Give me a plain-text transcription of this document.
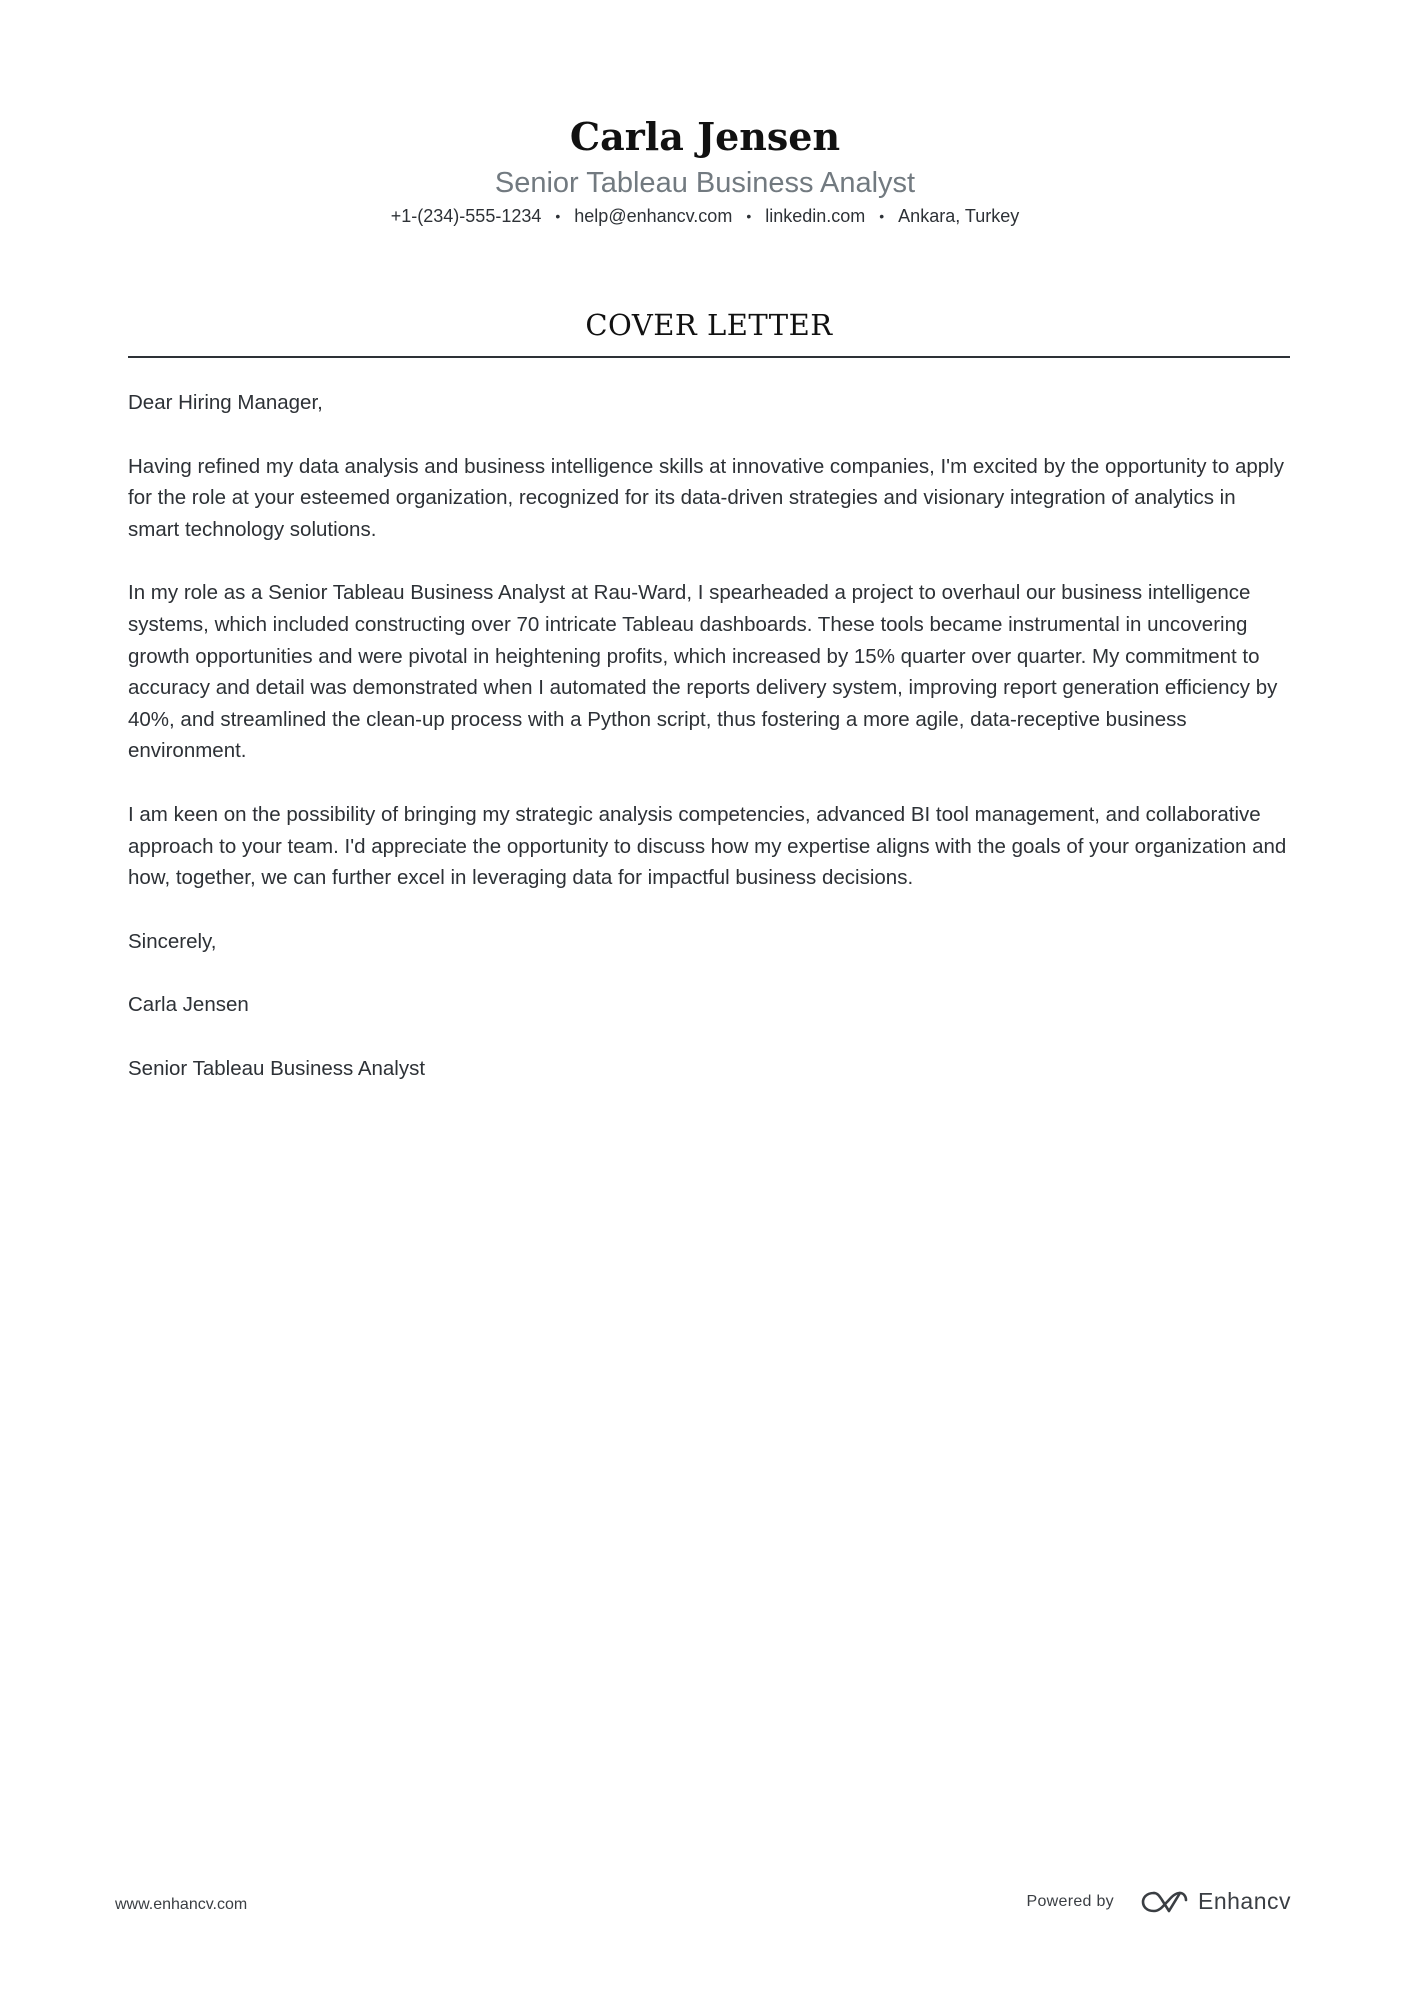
Carla Jensen
Senior Tableau Business Analyst
+1-(234)-555-1234 • help@enhancv.com • linkedin.com • Ankara, Turkey
COVER LETTER

Dear Hiring Manager,

Having refined my data analysis and business intelligence skills at innovative companies, I'm excited by the opportunity to apply for the role at your esteemed organization, recognized for its data-driven strategies and visionary integration of analytics in smart technology solutions.

In my role as a Senior Tableau Business Analyst at Rau-Ward, I spearheaded a project to overhaul our business intelligence systems, which included constructing over 70 intricate Tableau dashboards. These tools became instrumental in uncovering growth opportunities and were pivotal in heightening profits, which increased by 15% quarter over quarter. My commitment to accuracy and detail was demonstrated when I automated the reports delivery system, improving report generation efficiency by 40%, and streamlined the clean-up process with a Python script, thus fostering a more agile, data-receptive business environment.

I am keen on the possibility of bringing my strategic analysis competencies, advanced BI tool management, and collaborative approach to your team. I'd appreciate the opportunity to discuss how my expertise aligns with the goals of your organization and how, together, we can further excel in leveraging data for impactful business decisions.

Sincerely,

Carla Jensen

Senior Tableau Business Analyst

www.enhancv.com	Powered by	Enhancv
